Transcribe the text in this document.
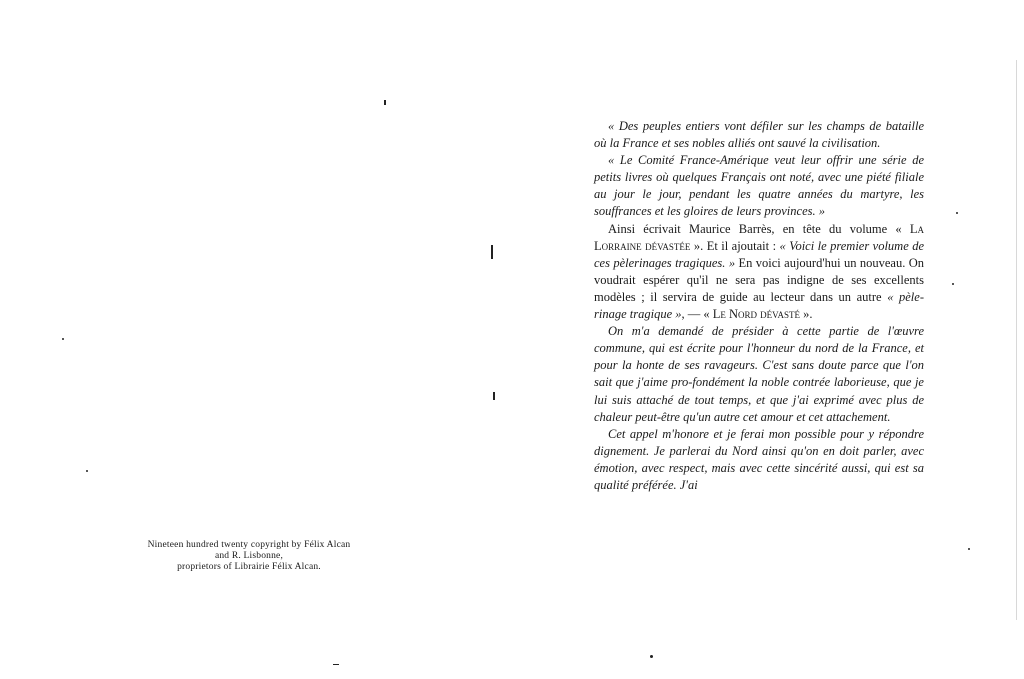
Nineteen hundred twenty copyright by Félix Alcan
and R. Lisbonne,
proprietors of Librairie Félix Alcan.

« Des peuples entiers vont défiler sur les champs de bataille où la France et ses nobles alliés ont sauvé la civilisation.

« Le Comité France-Amérique veut leur offrir une série de petits livres où quelques Français ont noté, avec une piété filiale au jour le jour, pendant les quatre années du martyre, les souffrances et les gloires de leurs provinces. »

Ainsi écrivait Maurice Barrès, en tête du volume « La Lorraine dévastée ». Et il ajoutait : « Voici le premier volume de ces pèlerinages tragiques. » En voici aujourd'hui un nouveau. On voudrait espérer qu'il ne sera pas indigne de ses excellents modèles ; il servira de guide au lecteur dans un autre « pèle-rinage tragique », — « Le Nord dévasté ».

On m'a demandé de présider à cette partie de l'œuvre commune, qui est écrite pour l'honneur du nord de la France, et pour la honte de ses ravageurs. C'est sans doute parce que l'on sait que j'aime pro-fondément la noble contrée laborieuse, que je lui suis attaché de tout temps, et que j'ai exprimé avec plus de chaleur peut-être qu'un autre cet amour et cet attachement.

Cet appel m'honore et je ferai mon possible pour y répondre dignement. Je parlerai du Nord ainsi qu'on en doit parler, avec émotion, avec respect, mais avec cette sincérité aussi, qui est sa qualité préférée. J'ai
